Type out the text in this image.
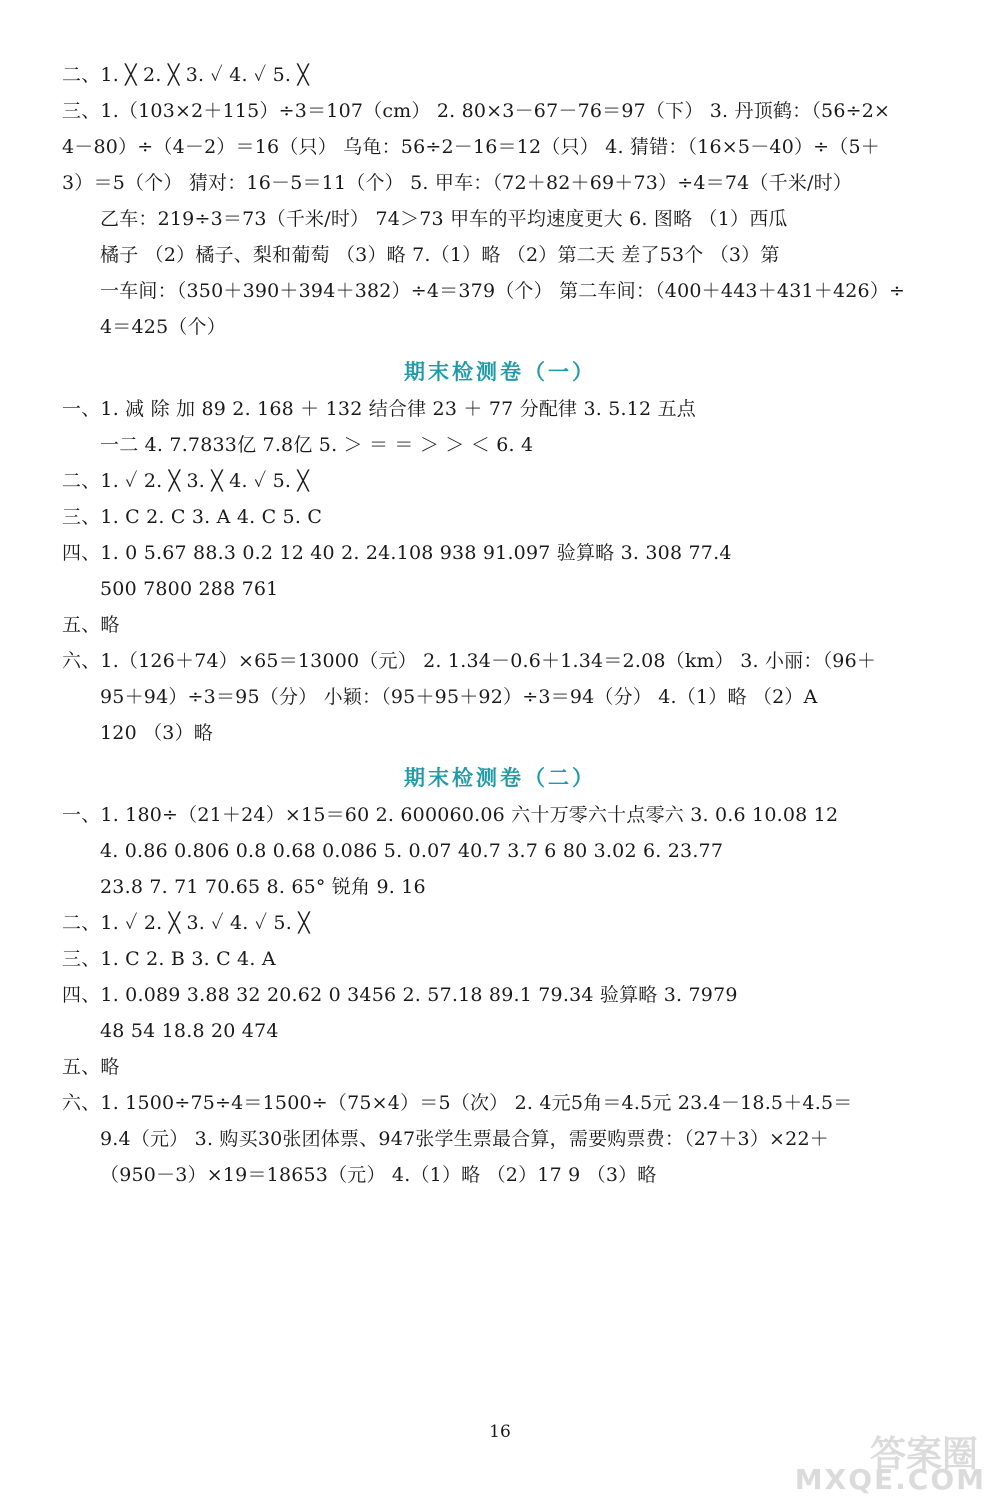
二、1. ╳ 2. ╳ 3. ✓ 4. ✓ 5. ╳
三、1.（103×2＋115）÷3＝107（cm） 2. 80×3－67－76＝97（下） 3. 丹顶鹤：（56÷2×
4－80）÷（4－2）＝16（只） 乌龟：56÷2－16＝12（只） 4. 猜错：（16×5－40）÷（5＋
3）＝5（个） 猜对：16－5＝11（个） 5. 甲车：（72＋82＋69＋73）÷4＝74（千米/时）
乙车：219÷3＝73（千米/时） 74＞73 甲车的平均速度更大 6. 图略 （1）西瓜
橘子 （2）橘子、梨和葡萄 （3）略 7.（1）略 （2）第二天 差了53个 （3）第
一车间：（350＋390＋394＋382）÷4＝379（个） 第二车间：（400＋443＋431＋426）÷
4＝425（个）
期末检测卷（一）
一、1. 减 除 加 89 2. 168 ＋ 132 结合律 23 ＋ 77 分配律 3. 5.12 五点
一二 4. 7.7833亿 7.8亿 5. ＞ ＝ ＝ ＞ ＞ ＜ 6. 4
二、1. ✓ 2. ╳ 3. ╳ 4. ✓ 5. ╳
三、1. C 2. C 3. A 4. C 5. C
四、1. 0 5.67 88.3 0.2 12 40 2. 24.108 938 91.097 验算略 3. 308 77.4
500 7800 288 761
五、略
六、1.（126＋74）×65＝13000（元） 2. 1.34－0.6＋1.34＝2.08（km） 3. 小丽：（96＋
95＋94）÷3＝95（分） 小颖：（95＋95＋92）÷3＝94（分） 4.（1）略 （2）A
120 （3）略
期末检测卷（二）
一、1. 180÷（21＋24）×15＝60 2. 600060.06 六十万零六十点零六 3. 0.6 10.08 12
4. 0.86 0.806 0.8 0.68 0.086 5. 0.07 40.7 3.7 6 80 3.02 6. 23.77
23.8 7. 71 70.65 8. 65° 锐角 9. 16
二、1. ✓ 2. ╳ 3. ✓ 4. ✓ 5. ╳
三、1. C 2. B 3. C 4. A
四、1. 0.089 3.88 32 20.62 0 3456 2. 57.18 89.1 79.34 验算略 3. 7979
48 54 18.8 20 474
五、略
六、1. 1500÷75÷4＝1500÷（75×4）＝5（次） 2. 4元5角＝4.5元 23.4－18.5＋4.5＝
9.4（元） 3. 购买30张团体票、947张学生票最合算，需要购票费：（27＋3）×22＋
（950－3）×19＝18653（元） 4.（1）略 （2）17 9 （3）略
16
答案圈
MXQE.COM
